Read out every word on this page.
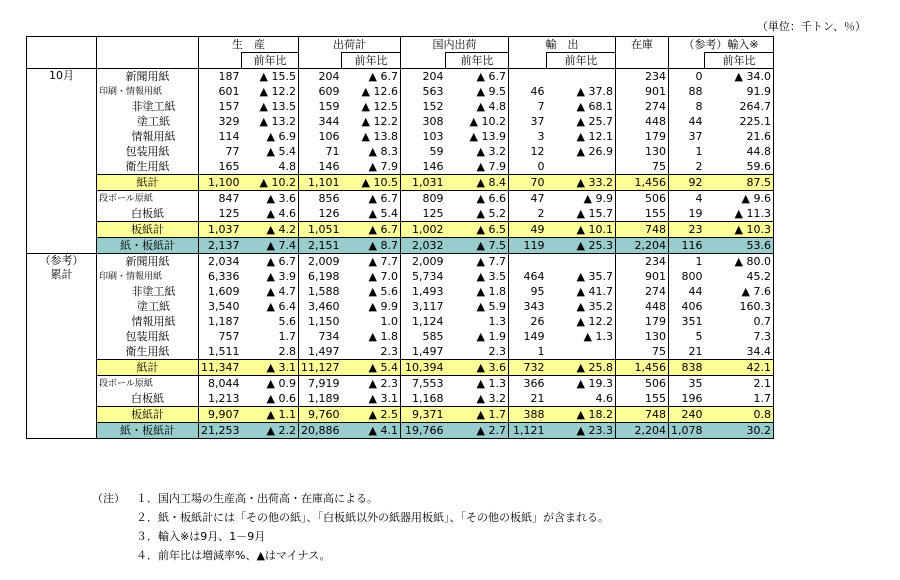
（単位：千トン、％）
		生　産		出荷計		国内出荷		輸　出		在庫	（参考）輸入※	
			前年比		前年比		前年比		前年比			前年比

10月	新聞用紙	187	▲ 15.5	204	▲ 6.7	204	▲ 6.7			234	0	▲ 34.0
	印刷・情報用紙	601	▲ 12.2	609	▲ 12.6	563	▲ 9.5	46	▲ 37.8	901	88	91.9
	非塗工紙	157	▲ 13.5	159	▲ 12.5	152	▲ 4.8	7	▲ 68.1	274	8	264.7
	塗工紙	329	▲ 13.2	344	▲ 12.2	308	▲ 10.2	37	▲ 25.7	448	44	225.1
	情報用紙	114	▲ 6.9	106	▲ 13.8	103	▲ 13.9	3	▲ 12.1	179	37	21.6
	包装用紙	77	▲ 5.4	71	▲ 8.3	59	▲ 3.2	12	▲ 26.9	130	1	44.8
	衛生用紙	165	4.8	146	▲ 7.9	146	▲ 7.9	0		75	2	59.6
	紙計	1,100	▲ 10.2	1,101	▲ 10.5	1,031	▲ 8.4	70	▲ 33.2	1,456	92	87.5
	段ボール原紙	847	▲ 3.6	856	▲ 6.7	809	▲ 6.6	47	▲ 9.9	506	4	▲ 9.6
	白板紙	125	▲ 4.6	126	▲ 5.4	125	▲ 5.2	2	▲ 15.7	155	19	▲ 11.3
	板紙計	1,037	▲ 4.2	1,051	▲ 6.7	1,002	▲ 6.5	49	▲ 10.1	748	23	▲ 10.3
	紙・板紙計	2,137	▲ 7.4	2,151	▲ 8.7	2,032	▲ 7.5	119	▲ 25.3	2,204	116	53.6

（参考）
累計	新聞用紙	2,034	▲ 6.7	2,009	▲ 7.7	2,009	▲ 7.7			234	1	▲ 80.0
	印刷・情報用紙	6,336	▲ 3.9	6,198	▲ 7.0	5,734	▲ 3.5	464	▲ 35.7	901	800	45.2
	非塗工紙	1,609	▲ 4.7	1,588	▲ 5.6	1,493	▲ 1.8	95	▲ 41.7	274	44	▲ 7.6
	塗工紙	3,540	▲ 6.4	3,460	▲ 9.9	3,117	▲ 5.9	343	▲ 35.2	448	406	160.3
	情報用紙	1,187	5.6	1,150	1.0	1,124	1.3	26	▲ 12.2	179	351	0.7
	包装用紙	757	1.7	734	▲ 1.8	585	▲ 1.9	149	▲ 1.3	130	5	7.3
	衛生用紙	1,511	2.8	1,497	2.3	1,497	2.3	1		75	21	34.4
	紙計	11,347	▲ 3.1	11,127	▲ 5.4	10,394	▲ 3.6	732	▲ 25.8	1,456	838	42.1
	段ボール原紙	8,044	▲ 0.9	7,919	▲ 2.3	7,553	▲ 1.3	366	▲ 19.3	506	35	2.1
	白板紙	1,213	▲ 0.6	1,189	▲ 3.1	1,168	▲ 3.2	21	4.6	155	196	1.7
	板紙計	9,907	▲ 1.1	9,760	▲ 2.5	9,371	▲ 1.7	388	▲ 18.2	748	240	0.8
	紙・板紙計	21,253	▲ 2.2	20,886	▲ 4.1	19,766	▲ 2.7	1,121	▲ 23.3	2,204	1,078	30.2
（注） １．国内工場の生産高・出荷高・在庫高による。
２．紙・板紙計には「その他の紙」、「白板紙以外の紙器用板紙」、「その他の板紙」が含まれる。
３．輸入※は9月、1－9月
４．前年比は増減率%、▲はマイナス。
